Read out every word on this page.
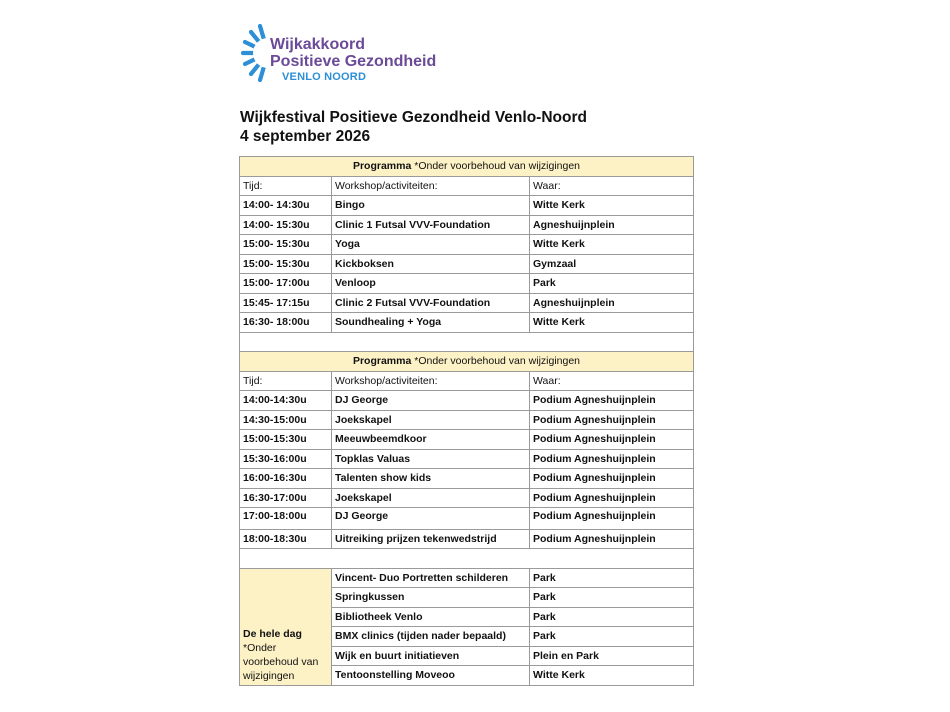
Wijkakkoord
Positieve Gezondheid
VENLO NOORD
Wijkfestival Positieve Gezondheid Venlo-Noord
4 september 2026
Programma *Onder voorbehoud van wijzigingen		
Tijd:	Workshop/activiteiten:	Waar:
14:00- 14:30u	Bingo	Witte Kerk
14:00- 15:30u	Clinic 1 Futsal VVV-Foundation	Agneshuijnplein
15:00- 15:30u	Yoga	Witte Kerk
15:00- 15:30u	Kickboksen	Gymzaal
15:00- 17:00u	Venloop	Park
15:45- 17:15u	Clinic 2 Futsal VVV-Foundation	Agneshuijnplein
16:30- 18:00u	Soundhealing + Yoga	Witte Kerk

Programma *Onder voorbehoud van wijzigingen		
Tijd:	Workshop/activiteiten:	Waar:
14:00-14:30u	DJ George	Podium Agneshuijnplein
14:30-15:00u	Joekskapel	Podium Agneshuijnplein
15:00-15:30u	Meeuwbeemdkoor	Podium Agneshuijnplein
15:30-16:00u	Topklas Valuas	Podium Agneshuijnplein
16:00-16:30u	Talenten show kids	Podium Agneshuijnplein
16:30-17:00u	Joekskapel	Podium Agneshuijnplein
17:00-18:00u	DJ George	Podium Agneshuijnplein
18:00-18:30u	Uitreiking prijzen tekenwedstrijd	Podium Agneshuijnplein

De hele dag
*Onder voorbehoud van wijzigingen	Vincent- Duo Portretten schilderen	Park
	Springkussen	Park
	Bibliotheek Venlo	Park
	BMX clinics (tijden nader bepaald)	Park
	Wijk en buurt initiatieven	Plein en Park
	Tentoonstelling Moveoo	Witte Kerk
